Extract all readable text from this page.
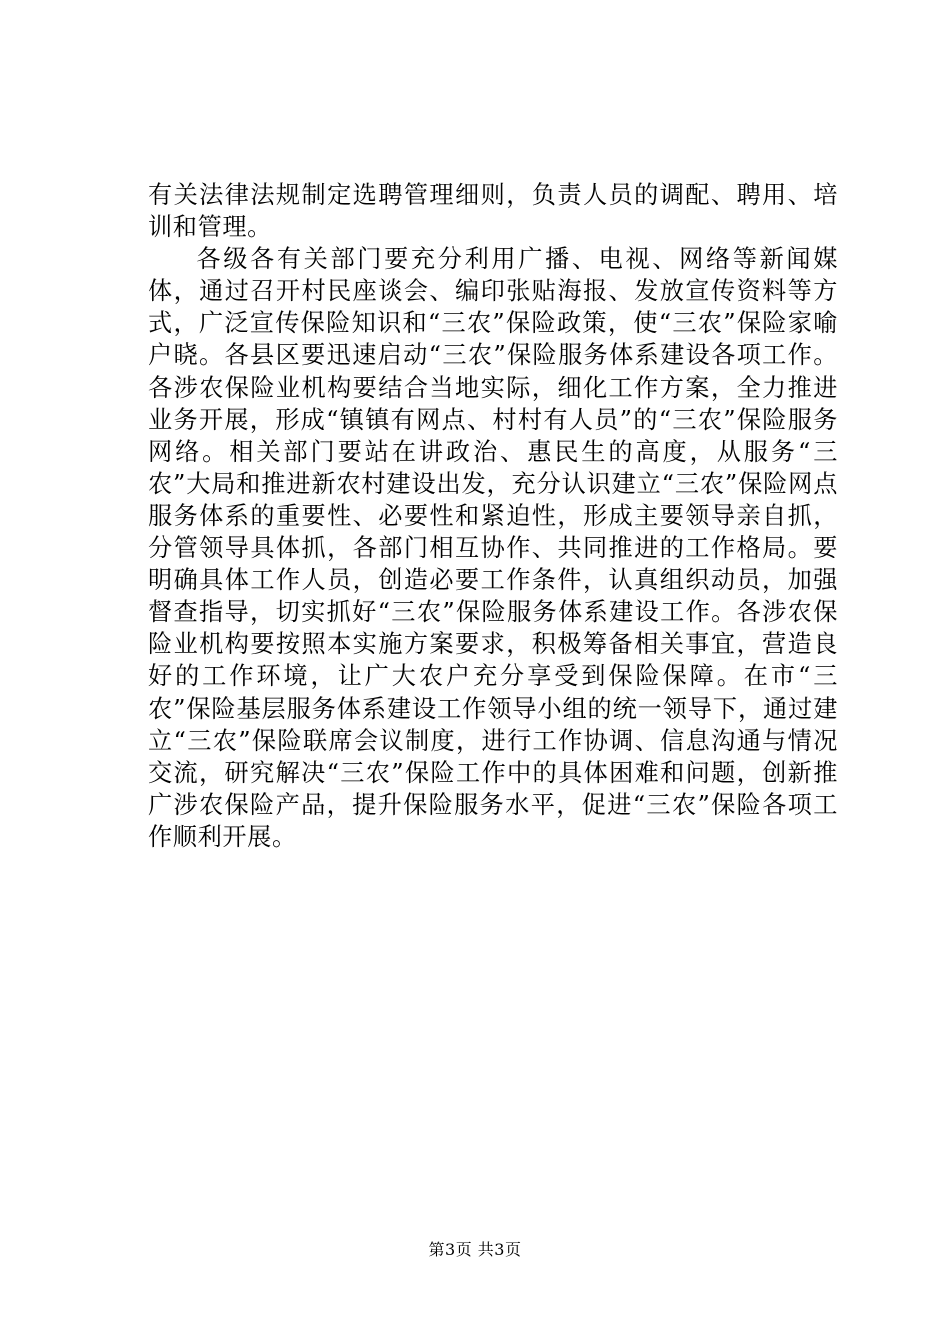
有关法律法规制定选聘管理细则，负责人员的调配、聘用、培训和管理。

各级各有关部门要充分利用广播、电视、网络等新闻媒体，通过召开村民座谈会、编印张贴海报、发放宣传资料等方式，广泛宣传保险知识和“三农”保险政策，使“三农”保险家喻户晓。各县区要迅速启动“三农”保险服务体系建设各项工作。各涉农保险业机构要结合当地实际，细化工作方案，全力推进业务开展，形成“镇镇有网点、村村有人员”的“三农”保险服务网络。相关部门要站在讲政治、惠民生的高度，从服务“三农”大局和推进新农村建设出发，充分认识建立“三农”保险网点服务体系的重要性、必要性和紧迫性，形成主要领导亲自抓，分管领导具体抓，各部门相互协作、共同推进的工作格局。要明确具体工作人员，创造必要工作条件，认真组织动员，加强督查指导，切实抓好“三农”保险服务体系建设工作。各涉农保险业机构要按照本实施方案要求，积极筹备相关事宜，营造良好的工作环境，让广大农户充分享受到保险保障。在市“三农”保险基层服务体系建设工作领导小组的统一领导下，通过建立“三农”保险联席会议制度，进行工作协调、信息沟通与情况交流，研究解决“三农”保险工作中的具体困难和问题，创新推广涉农保险产品，提升保险服务水平，促进“三农”保险各项工作顺利开展。

第3页 共3页
